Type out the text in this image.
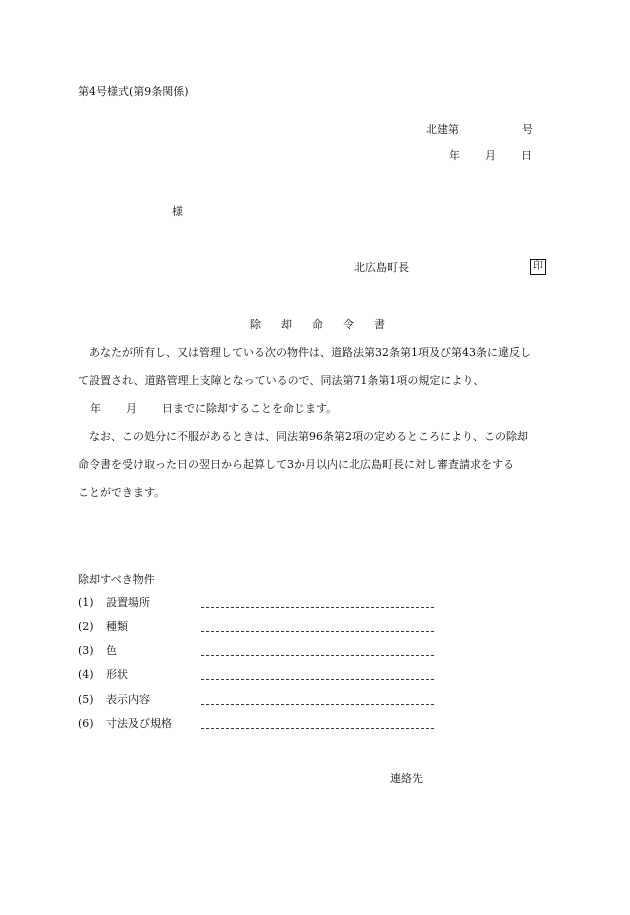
第4号様式(第9条関係)
北建第	号
年 月 日
様
北広島町長	印
除却命令書
　あなたが所有し、又は管理している次の物件は、道路法第32条第1項及び第43条に違反し
て設置され、道路管理上支障となっているので、同法第71条第1項の規定により、
年 月 日までに除却することを命じます。
　なお、この処分に不服があるときは、同法第96条第2項の定めるところにより、この除却
命令書を受け取った日の翌日から起算して3か月以内に北広島町長に対し審査請求をする
ことができます。
除却すべき物件
(1) 設置場所
(2) 種類
(3) 色
(4) 形状
(5) 表示内容
(6) 寸法及び規格
連絡先
